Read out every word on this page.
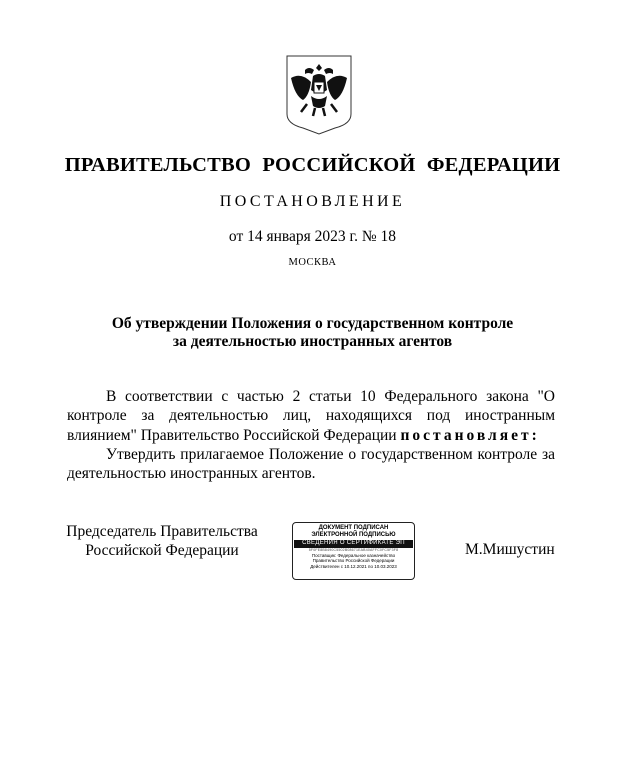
ПРАВИТЕЛЬСТВО РОССИЙСКОЙ ФЕДЕРАЦИИ
ПОСТАНОВЛЕНИЕ
от 14 января 2023 г. № 18
МОСКВА
Об утверждении Положения о государственном контроле
за деятельностью иностранных агентов

В соответствии с частью 2 статьи 10 Федерального закона "О контроле за деятельностью лиц, находящихся под иностранным влиянием" Правительство Российской Федерации постановляет:

Утвердить прилагаемое Положение о государственном контроле за деятельностью иностранных агентов.

Председатель Правительства
Российской Федерации
ДОКУМЕНТ ПОДПИСАН
ЭЛЕКТРОННОЙ ПОДПИСЬЮ
СВЕДЕНИЯ О СЕРТИФИКАТЕ ЭП
5F0FE8B8490C5502B08671EAB40AFFC0FC5F3F8
Поставщик: Федеральное казначейство
Правительство Российской Федерации
Действителен с 10.12.2021 по 10.03.2023
М.Мишустин
